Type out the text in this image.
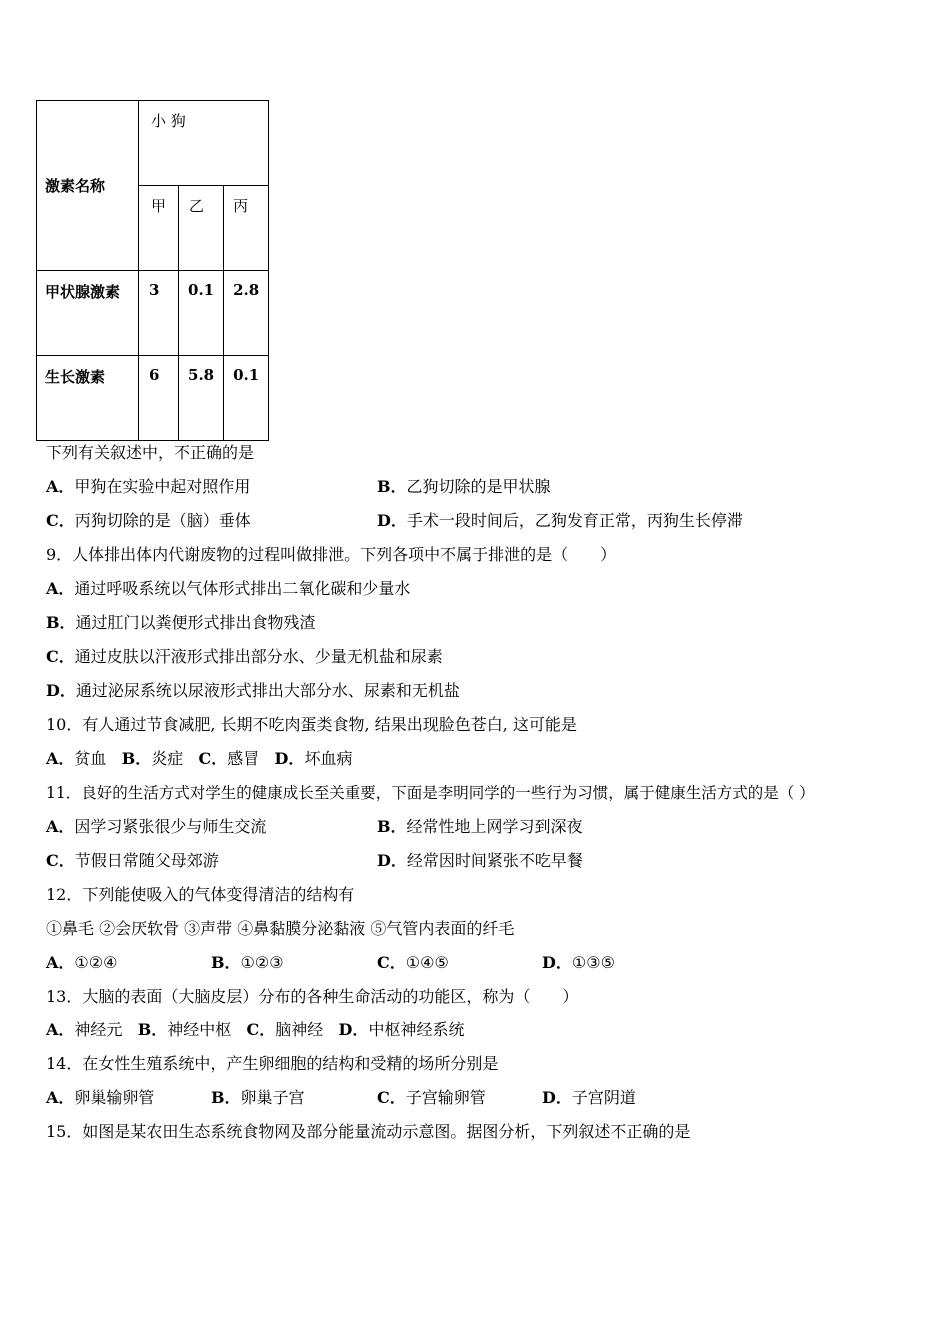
激素名称	小 狗		

	甲	乙	丙

甲状腺激素	3	0.1	2.8

生长激素	6	5.8	0.1
下列有关叙述中，不正确的是
A．甲狗在实验中起对照作用	B．乙狗切除的是甲状腺
C．丙狗切除的是（脑）垂体	D．手术一段时间后，乙狗发育正常，丙狗生长停滞
9．人体排出体内代谢废物的过程叫做排泄。下列各项中不属于排泄的是（　　）
A．通过呼吸系统以气体形式排出二氧化碳和少量水
B．通过肛门以粪便形式排出食物残渣
C．通过皮肤以汗液形式排出部分水、少量无机盐和尿素
D．通过泌尿系统以尿液形式排出大部分水、尿素和无机盐
10．有人通过节食减肥, 长期不吃肉蛋类食物, 结果出现脸色苍白, 这可能是
A．贫血 B．炎症 C．感冒 D．坏血病
11．良好的生活方式对学生的健康成长至关重要，下面是李明同学的一些行为习惯，属于健康生活方式的是（ ）
A．因学习紧张很少与师生交流	B．经常性地上网学习到深夜
C．节假日常随父母郊游	D．经常因时间紧张不吃早餐
12．下列能使吸入的气体变得清洁的结构有
①鼻毛 ②会厌软骨 ③声带 ④鼻黏膜分泌黏液 ⑤气管内表面的纤毛
A．①②④	B．①②③	C．①④⑤	D．①③⑤
13．大脑的表面（大脑皮层）分布的各种生命活动的功能区，称为（　　）
A．神经元 B．神经中枢 C．脑神经 D．中枢神经系统
14．在女性生殖系统中，产生卵细胞的结构和受精的场所分别是
A．卵巢输卵管	B．卵巢子宫	C．子宫输卵管	D．子宫阴道
15．如图是某农田生态系统食物网及部分能量流动示意图。据图分析，下列叙述不正确的是
